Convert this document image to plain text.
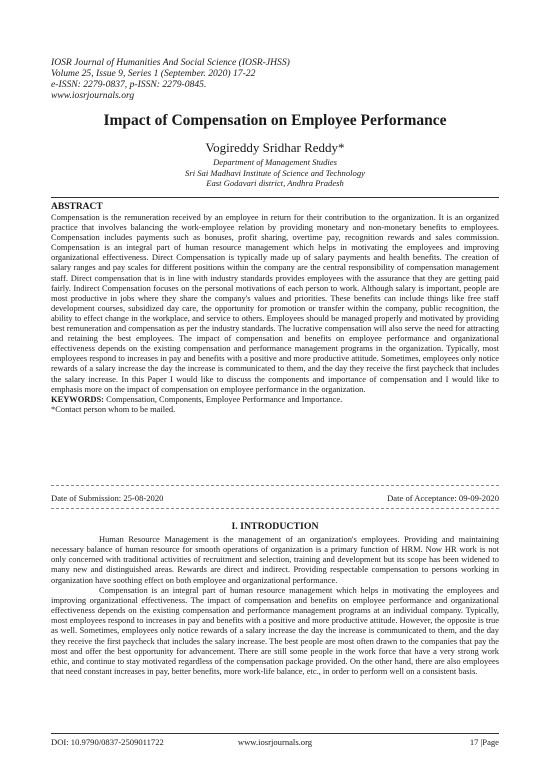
IOSR Journal of Humanities And Social Science (IOSR-JHSS)
Volume 25, Issue 9, Series 1 (September. 2020) 17-22
e-ISSN: 2279-0837, p-ISSN: 2279-0845.
www.iosrjournals.org
Impact of Compensation on Employee Performance
Vogireddy Sridhar Reddy*
Department of Management Studies
Sri Sai Madhavi Institute of Science and Technology
East Godavari district, Andhra Pradesh
ABSTRACT

Compensation is the remuneration received by an employee in return for their contribution to the organization. It is an organized practice that involves balancing the work-employee relation by providing monetary and non-monetary benefits to employees. Compensation includes payments such as bonuses, profit sharing, overtime pay, recognition rewards and sales commission. Compensation is an integral part of human resource management which helps in motivating the employees and improving organizational effectiveness. Direct Compensation is typically made up of salary payments and health benefits. The creation of salary ranges and pay scales for different positions within the company are the central responsibility of compensation management staff. Direct compensation that is in line with industry standards provides employees with the assurance that they are getting paid fairly. Indirect Compensation focuses on the personal motivations of each person to work. Although salary is important, people are most productive in jobs where they share the company's values and priorities. These benefits can include things like free staff development courses, subsidized day care, the opportunity for promotion or transfer within the company, public recognition, the ability to effect change in the workplace, and service to others. Employees should be managed properly and motivated by providing best remuneration and compensation as per the industry standards. The lucrative compensation will also serve the need for attracting and retaining the best employees. The impact of compensation and benefits on employee performance and organizational effectiveness depends on the existing compensation and performance management programs in the organization. Typically, most employees respond to increases in pay and benefits with a positive and more productive attitude. Sometimes, employees only notice rewards of a salary increase the day the increase is communicated to them, and the day they receive the first paycheck that includes the salary increase. In this Paper I would like to discuss the components and importance of compensation and I would like to emphasis more on the impact of compensation on employee performance in the organization.

KEYWORDS: Compensation, Components, Employee Performance and Importance.

*Contact person whom to be mailed.

Date of Submission: 25-08-2020	Date of Acceptance: 09-09-2020
I. INTRODUCTION

Human Resource Management is the management of an organization's employees. Providing and maintaining necessary balance of human resource for smooth operations of organization is a primary function of HRM. Now HR work is not only concerned with traditional activities of recruitment and selection, training and development but its scope has been widened to many new and distinguished areas. Rewards are direct and indirect. Providing respectable compensation to persons working in organization have soothing effect on both employee and organizational performance.

Compensation is an integral part of human resource management which helps in motivating the employees and improving organizational effectiveness. The impact of compensation and benefits on employee performance and organizational effectiveness depends on the existing compensation and performance management programs at an individual company. Typically, most employees respond to increases in pay and benefits with a positive and more productive attitude. However, the opposite is true as well. Sometimes, employees only notice rewards of a salary increase the day the increase is communicated to them, and the day they receive the first paycheck that includes the salary increase. The best people are most often drawn to the companies that pay the most and offer the best opportunity for advancement. There are still some people in the work force that have a very strong work ethic, and continue to stay motivated regardless of the compensation package provided. On the other hand, there are also employees that need constant increases in pay, better benefits, more work-life balance, etc., in order to perform well on a consistent basis.

DOI: 10.9790/0837-2509011722	www.iosrjournals.org	17 |Page
